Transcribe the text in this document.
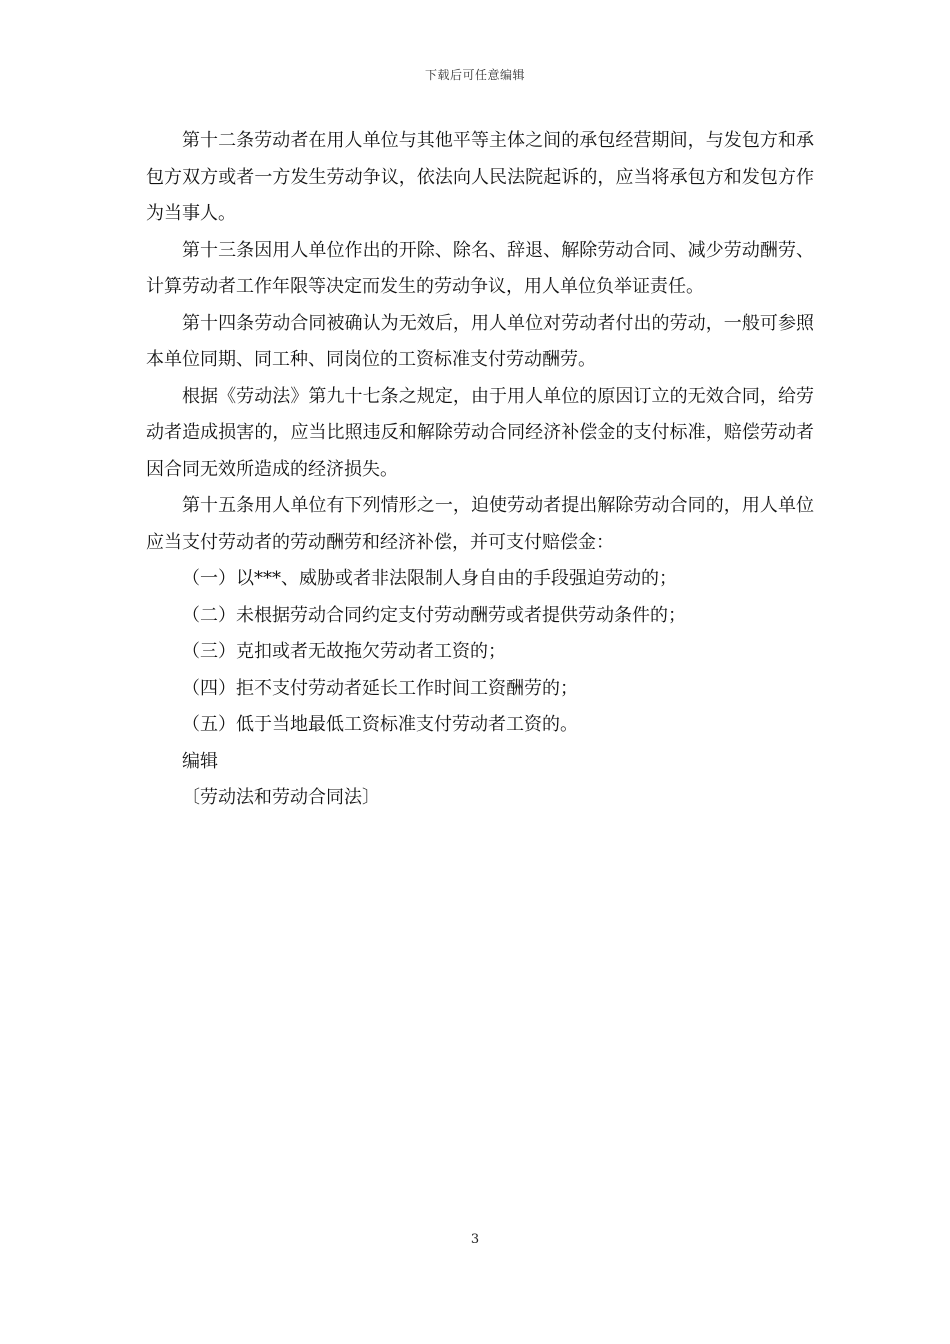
下载后可任意编辑

第十二条劳动者在用人单位与其他平等主体之间的承包经营期间，与发包方和承包方双方或者一方发生劳动争议，依法向人民法院起诉的，应当将承包方和发包方作为当事人。

第十三条因用人单位作出的开除、除名、辞退、解除劳动合同、减少劳动酬劳、计算劳动者工作年限等决定而发生的劳动争议，用人单位负举证责任。

第十四条劳动合同被确认为无效后，用人单位对劳动者付出的劳动，一般可参照本单位同期、同工种、同岗位的工资标准支付劳动酬劳。

根据《劳动法》第九十七条之规定，由于用人单位的原因订立的无效合同，给劳动者造成损害的，应当比照违反和解除劳动合同经济补偿金的支付标准，赔偿劳动者因合同无效所造成的经济损失。

第十五条用人单位有下列情形之一，迫使劳动者提出解除劳动合同的，用人单位应当支付劳动者的劳动酬劳和经济补偿，并可支付赔偿金：

（一）以***、威胁或者非法限制人身自由的手段强迫劳动的；

（二）未根据劳动合同约定支付劳动酬劳或者提供劳动条件的；

（三）克扣或者无故拖欠劳动者工资的；

（四）拒不支付劳动者延长工作时间工资酬劳的；

（五）低于当地最低工资标准支付劳动者工资的。

编辑

〔劳动法和劳动合同法〕

3
